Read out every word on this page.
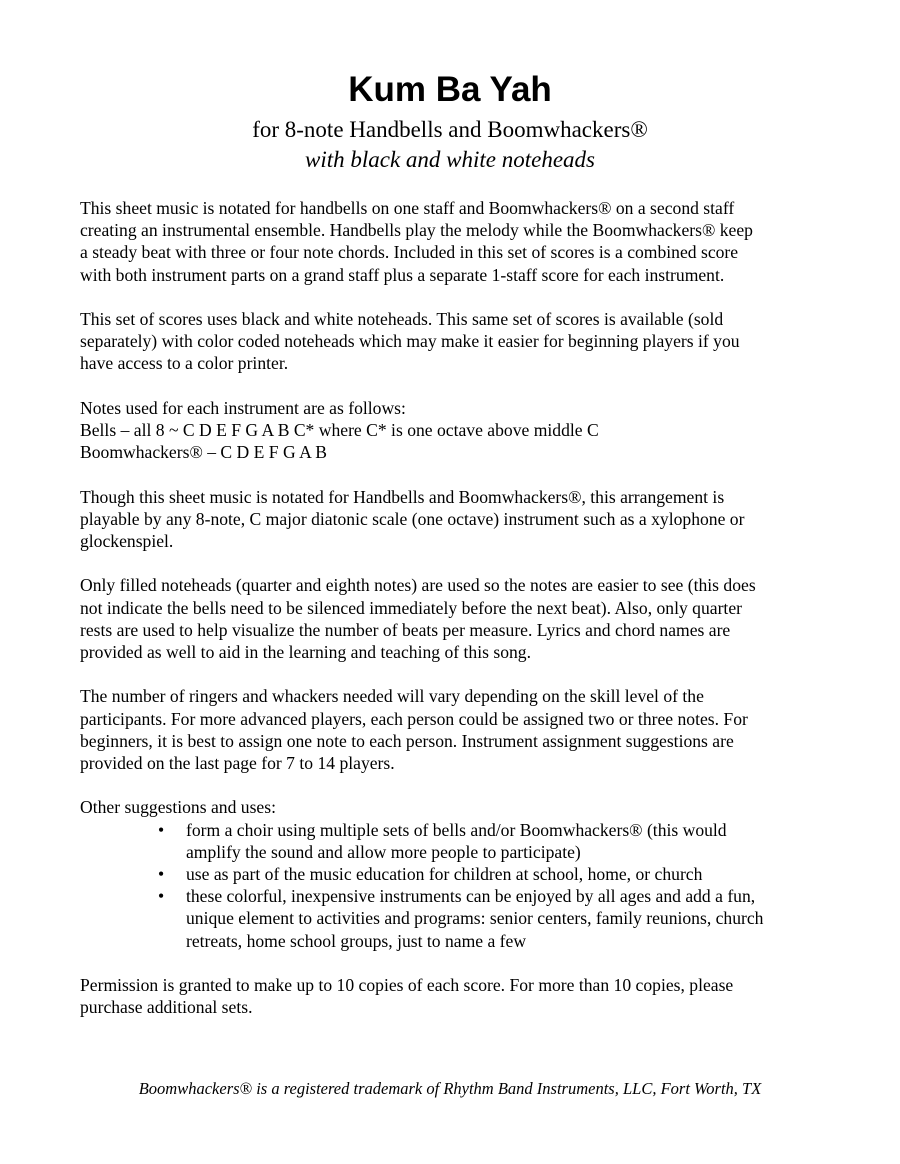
Kum Ba Yah
for 8-note Handbells and Boomwhackers®
with black and white noteheads

This sheet music is notated for handbells on one staff and Boomwhackers® on a second staff
creating an instrumental ensemble. Handbells play the melody while the Boomwhackers® keep
a steady beat with three or four note chords. Included in this set of scores is a combined score
with both instrument parts on a grand staff plus a separate 1-staff score for each instrument.

This set of scores uses black and white noteheads. This same set of scores is available (sold
separately) with color coded noteheads which may make it easier for beginning players if you
have access to a color printer.

Notes used for each instrument are as follows:
Bells – all 8 ~ C D E F G A B C* where C* is one octave above middle C
Boomwhackers® – C D E F G A B

Though this sheet music is notated for Handbells and Boomwhackers®, this arrangement is
playable by any 8-note, C major diatonic scale (one octave) instrument such as a xylophone or
glockenspiel.

Only filled noteheads (quarter and eighth notes) are used so the notes are easier to see (this does
not indicate the bells need to be silenced immediately before the next beat). Also, only quarter
rests are used to help visualize the number of beats per measure. Lyrics and chord names are
provided as well to aid in the learning and teaching of this song.

The number of ringers and whackers needed will vary depending on the skill level of the
participants. For more advanced players, each person could be assigned two or three notes. For
beginners, it is best to assign one note to each person. Instrument assignment suggestions are
provided on the last page for 7 to 14 players.

Other suggestions and uses:

• form a choir using multiple sets of bells and/or Boomwhackers® (this would
amplify the sound and allow more people to participate)
• use as part of the music education for children at school, home, or church
• these colorful, inexpensive instruments can be enjoyed by all ages and add a fun,
unique element to activities and programs: senior centers, family reunions, church
retreats, home school groups, just to name a few

Permission is granted to make up to 10 copies of each score. For more than 10 copies, please
purchase additional sets.

Boomwhackers® is a registered trademark of Rhythm Band Instruments, LLC, Fort Worth, TX
